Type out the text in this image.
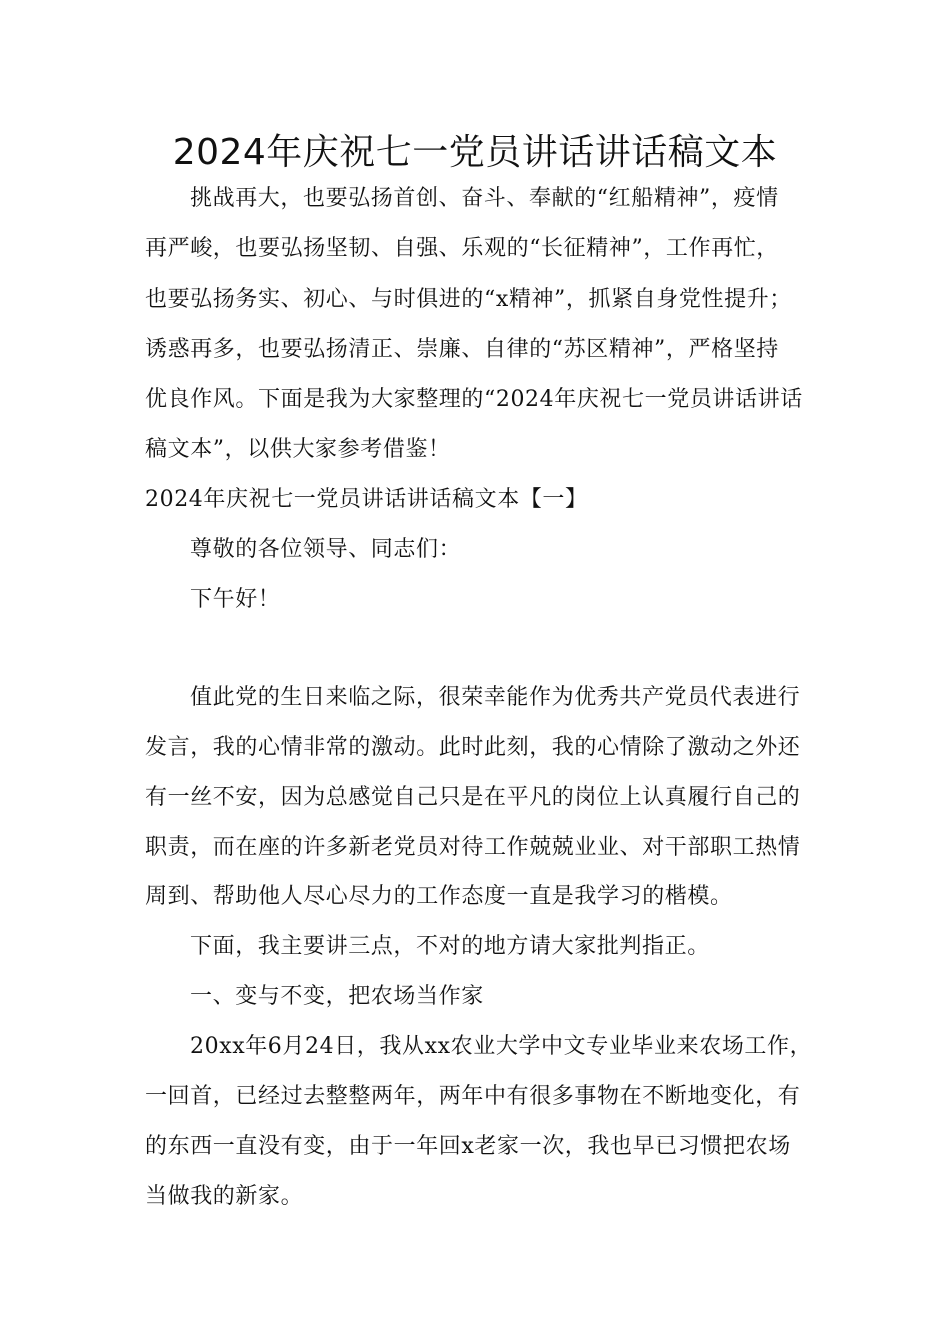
2024年庆祝七一党员讲话讲话稿文本
挑战再大，也要弘扬首创、奋斗、奉献的“红船精神”，疫情
再严峻，也要弘扬坚韧、自强、乐观的“长征精神”，工作再忙，
也要弘扬务实、初心、与时俱进的“x精神”，抓紧自身党性提升；
诱惑再多，也要弘扬清正、崇廉、自律的“苏区精神”，严格坚持
优良作风。下面是我为大家整理的“2024年庆祝七一党员讲话讲话
稿文本”，以供大家参考借鉴！
2024年庆祝七一党员讲话讲话稿文本【一】
尊敬的各位领导、同志们：
下午好！
值此党的生日来临之际，很荣幸能作为优秀共产党员代表进行
发言，我的心情非常的激动。此时此刻，我的心情除了激动之外还
有一丝不安，因为总感觉自己只是在平凡的岗位上认真履行自己的
职责，而在座的许多新老党员对待工作兢兢业业、对干部职工热情
周到、帮助他人尽心尽力的工作态度一直是我学习的楷模。
下面，我主要讲三点，不对的地方请大家批判指正。
一、变与不变，把农场当作家
20xx年6月24日，我从xx农业大学中文专业毕业来农场工作，
一回首，已经过去整整两年，两年中有很多事物在不断地变化，有
的东西一直没有变，由于一年回x老家一次，我也早已习惯把农场
当做我的新家。
